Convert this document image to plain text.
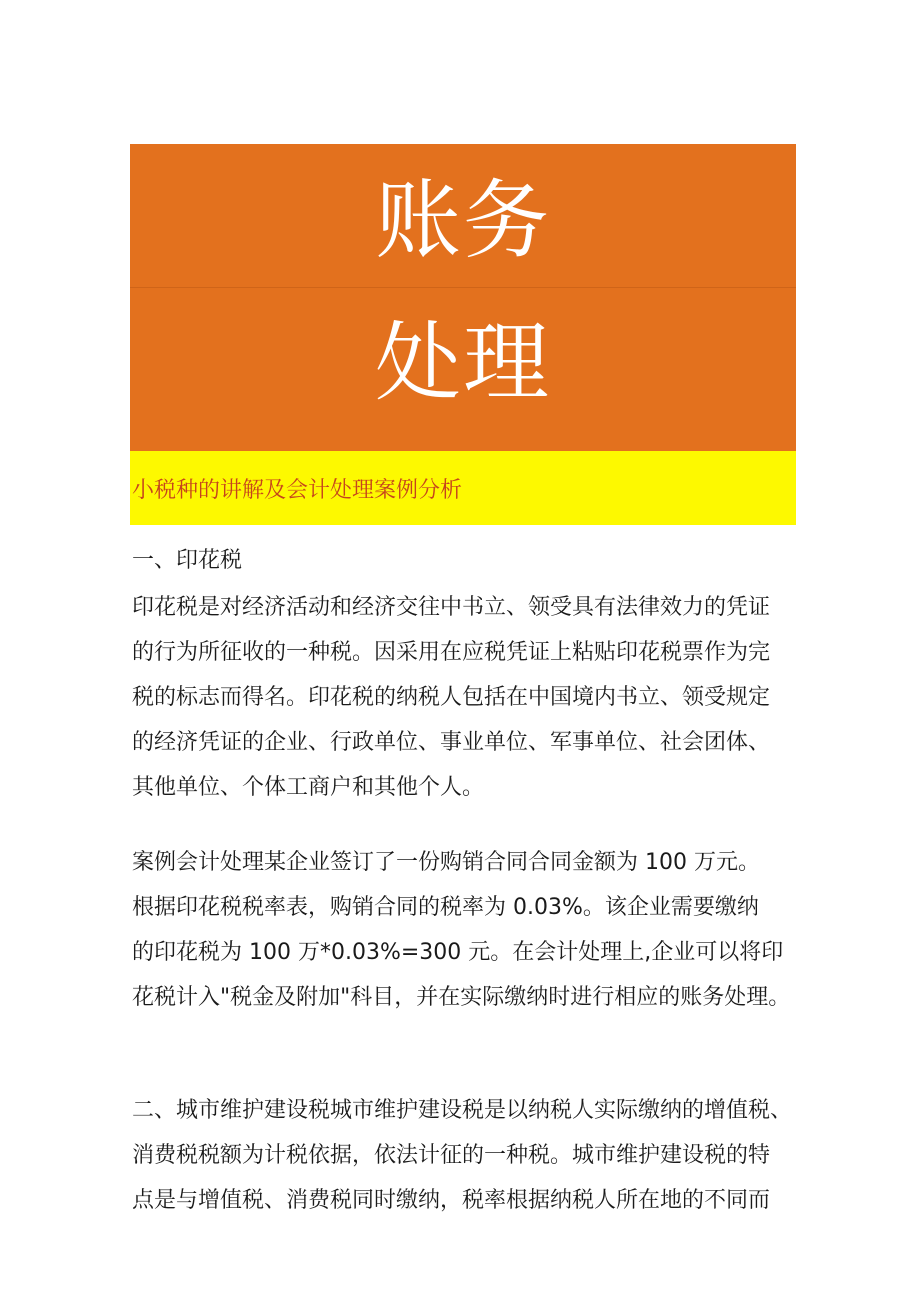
账务
处理
小税种的讲解及会计处理案例分析
一、印花税

印花税是对经济活动和经济交往中书立、领受具有法律效力的凭证
的行为所征收的一种税。因采用在应税凭证上粘贴印花税票作为完
税的标志而得名。印花税的纳税人包括在中国境内书立、领受规定
的经济凭证的企业、行政单位、事业单位、军事单位、社会团体、
其他单位、个体工商户和其他个人。

案例会计处理某企业签订了一份购销合同合同金额为 100 万元。
根据印花税税率表，购销合同的税率为 0.03%。该企业需要缴纳
的印花税为 100 万*0.03%=300 元。在会计处理上,企业可以将印
花税计入"税金及附加"科目，并在实际缴纳时进行相应的账务处理。

二、城市维护建设税城市维护建设税是以纳税人实际缴纳的增值税、
消费税税额为计税依据，依法计征的一种税。城市维护建设税的特
点是与增值税、消费税同时缴纳，税率根据纳税人所在地的不同而
